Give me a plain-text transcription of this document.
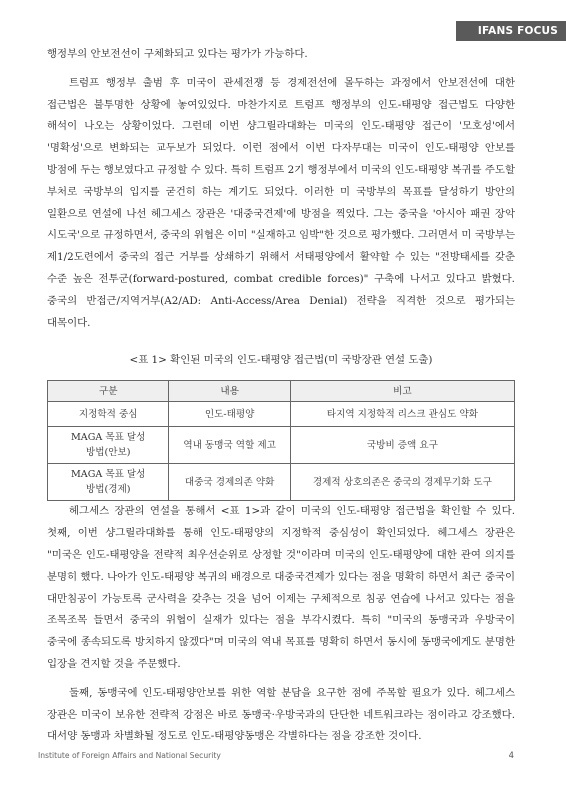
IFANS FOCUS

행정부의 안보전선이 구체화되고 있다는 평가가 가능하다.

트럼프 행정부 출범 후 미국이 관세전쟁 등 경제전선에 몰두하는 과정에서 안보전선에 대한 접근법은 불투명한 상황에 놓여있었다. 마찬가지로 트럼프 행정부의 인도-태평양 접근법도 다양한 해석이 나오는 상황이었다. 그런데 이번 샹그릴라대화는 미국의 인도-태평양 접근이 '모호성'에서 '명확성'으로 변화되는 교두보가 되었다. 이런 점에서 이번 다자무대는 미국이 인도-태평양 안보를 방점에 두는 행보였다고 규정할 수 있다. 특히 트럼프 2기 행정부에서 미국의 인도-태평양 복귀를 주도할 부처로 국방부의 입지를 굳건히 하는 계기도 되었다. 이러한 미 국방부의 목표를 달성하기 방안의 일환으로 연설에 나선 헤그세스 장관은 '대중국견제'에 방점을 찍었다. 그는 중국을 '아시아 패권 장악 시도국'으로 규정하면서, 중국의 위협은 이미 "실재하고 임박"한 것으로 평가했다. 그러면서 미 국방부는 제1/2도련에서 중국의 접근 거부를 상쇄하기 위해서 서태평양에서 활약할 수 있는 "전방태세를 갖춘 수준 높은 전투군(forward-postured, combat credible forces)" 구축에 나서고 있다고 밝혔다. 중국의 반접근/지역거부(A2/AD: Anti-Access/Area Denial) 전략을 직격한 것으로 평가되는 대목이다.

<표 1> 확인된 미국의 인도-태평양 접근법(미 국방장관 연설 도출)
구분	내용	비고
지정학적 중심	인도-태평양	타지역 지정학적 리스크 관심도 약화
MAGA 목표 달성
방법(안보)	역내 동맹국 역할 제고	국방비 증액 요구
MAGA 목표 달성
방법(경제)	대중국 경제의존 약화	경제적 상호의존은 중국의 경제무기화 도구

헤그세스 장관의 연설을 통해서 <표 1>과 같이 미국의 인도-태평양 접근법을 확인할 수 있다. 첫째, 이번 샹그릴라대화를 통해 인도-태평양의 지정학적 중심성이 확인되었다. 헤그세스 장관은 "미국은 인도-태평양을 전략적 최우선순위로 상정할 것"이라며 미국의 인도-태평양에 대한 관여 의지를 분명히 했다. 나아가 인도-태평양 복귀의 배경으로 대중국견제가 있다는 점을 명확히 하면서 최근 중국이 대만침공이 가능토록 군사력을 갖추는 것을 넘어 이제는 구체적으로 침공 연습에 나서고 있다는 점을 조목조목 들면서 중국의 위협이 실재가 있다는 점을 부각시켰다. 특히 "미국의 동맹국과 우방국이 중국에 종속되도록 방치하지 않겠다"며 미국의 역내 목표를 명확히 하면서 동시에 동맹국에게도 분명한 입장을 견지할 것을 주문했다.

둘째, 동맹국에 인도-태평양안보를 위한 역할 분담을 요구한 점에 주목할 필요가 있다. 헤그세스 장관은 미국이 보유한 전략적 강점은 바로 동맹국·우방국과의 단단한 네트워크라는 점이라고 강조했다. 대서양 동맹과 차별화될 정도로 인도-태평양동맹은 각별하다는 점을 강조한 것이다.

Institute of Foreign Affairs and National Security	4
